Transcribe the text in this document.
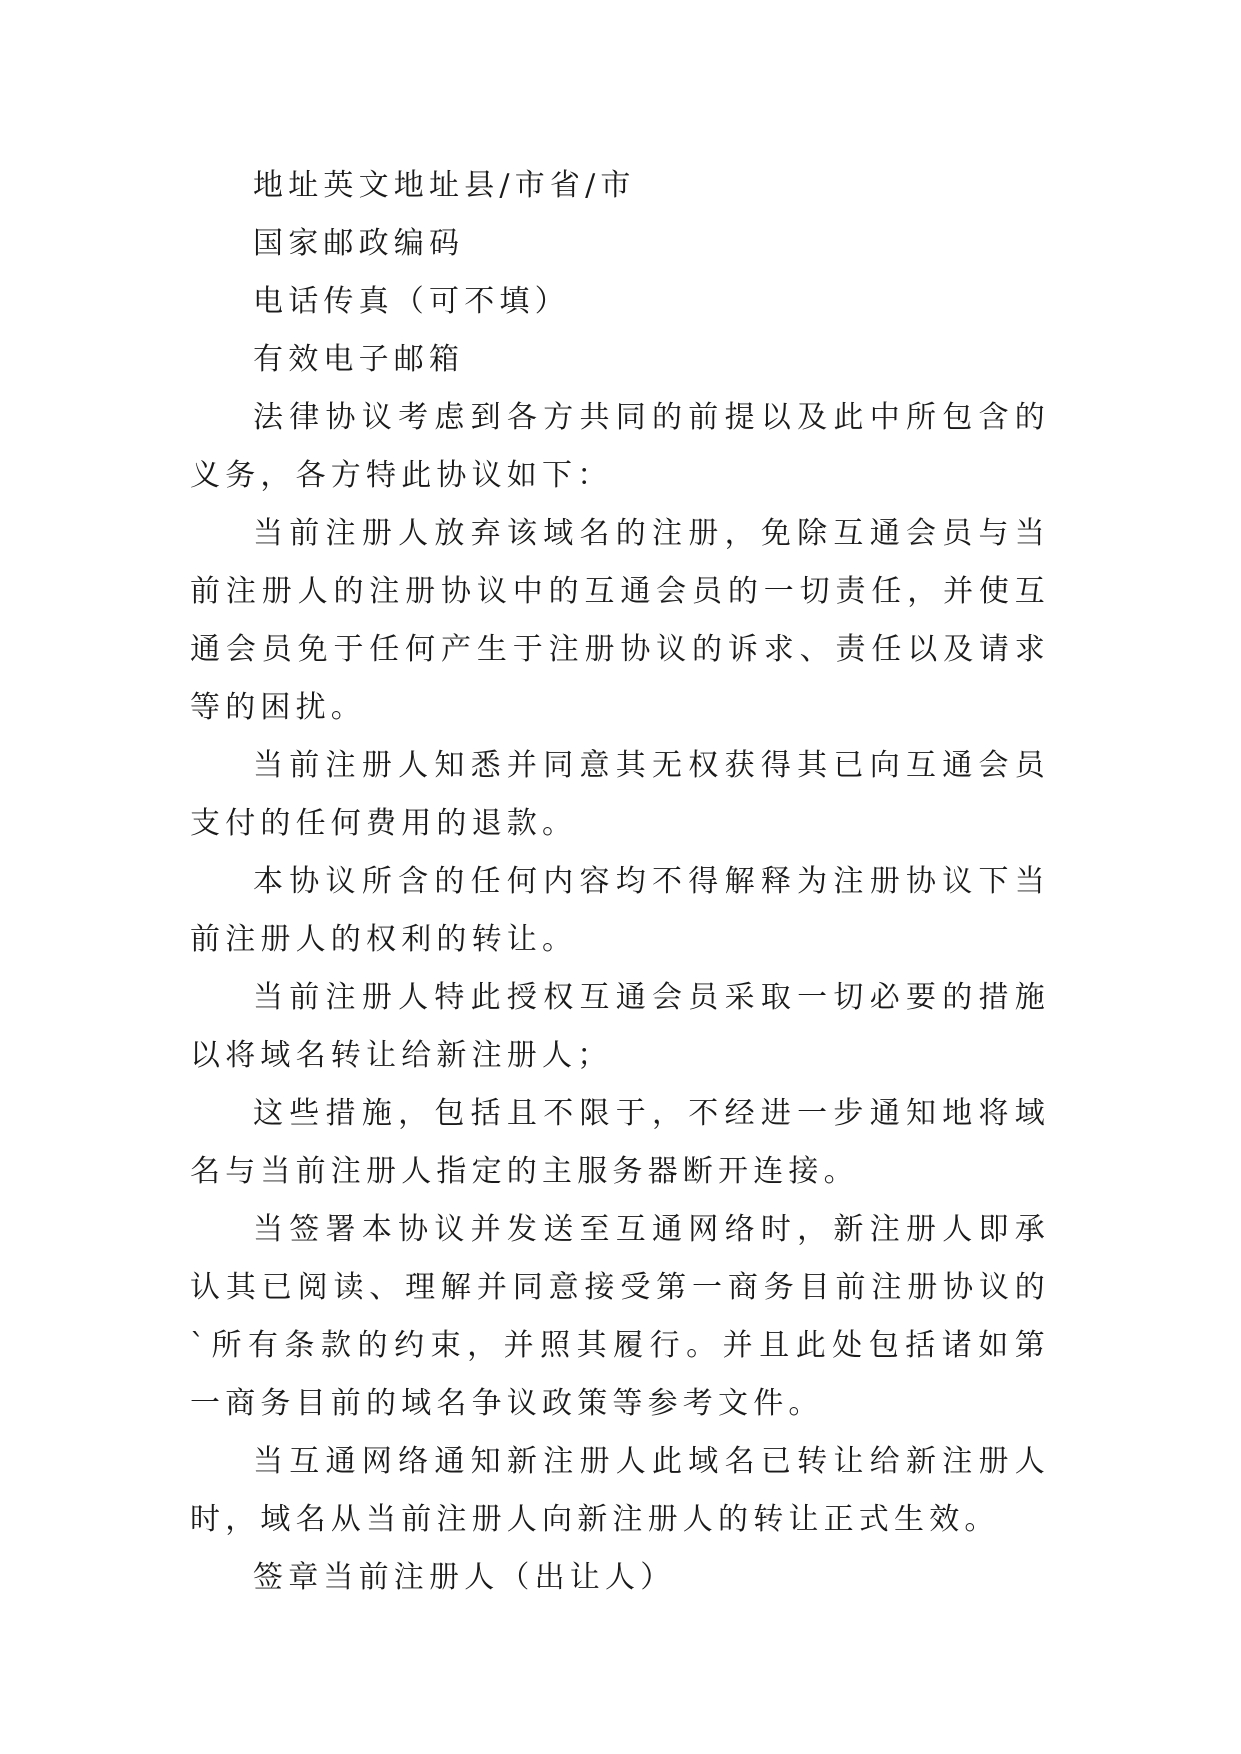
地址英文地址县/市省/市

国家邮政编码

电话传真（可不填）

有效电子邮箱

法律协议考虑到各方共同的前提以及此中所包含的义务，各方特此协议如下：

当前注册人放弃该域名的注册，免除互通会员与当前注册人的注册协议中的互通会员的一切责任，并使互通会员免于任何产生于注册协议的诉求、责任以及请求等的困扰。

当前注册人知悉并同意其无权获得其已向互通会员支付的任何费用的退款。

本协议所含的任何内容均不得解释为注册协议下当前注册人的权利的转让。

当前注册人特此授权互通会员采取一切必要的措施以将域名转让给新注册人；

这些措施，包括且不限于，不经进一步通知地将域名与当前注册人指定的主服务器断开连接。

当签署本协议并发送至互通网络时，新注册人即承认其已阅读、理解并同意接受第一商务目前注册协议的`所有条款的约束，并照其履行。并且此处包括诸如第一商务目前的域名争议政策等参考文件。

当互通网络通知新注册人此域名已转让给新注册人时，域名从当前注册人向新注册人的转让正式生效。

签章当前注册人（出让人）
